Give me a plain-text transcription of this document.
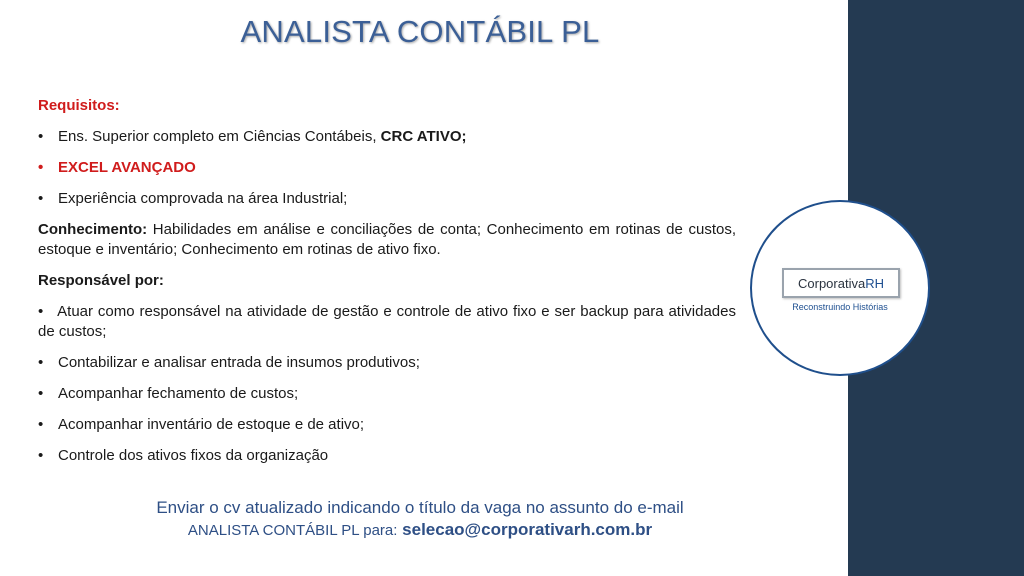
ANALISTA CONTÁBIL PL

Requisitos:

• Ens. Superior completo em Ciências Contábeis, CRC ATIVO;
• EXCEL AVANÇADO
• Experiência comprovada na área Industrial;

Conhecimento: Habilidades em análise e conciliações de conta; Conhecimento em rotinas de custos, estoque e inventário; Conhecimento em rotinas de ativo fixo.

Responsável por:

• Atuar como responsável na atividade de gestão e controle de ativo fixo e ser backup para atividades de custos;

• Contabilizar e analisar entrada de insumos produtivos;
• Acompanhar fechamento de custos;
• Acompanhar inventário de estoque e de ativo;
• Controle dos ativos fixos da organização
Corporativa RH
Reconstruindo Histórias
Enviar o cv atualizado indicando o título da vaga no assunto do e-mail
ANALISTA CONTÁBIL PL para: selecao@corporativarh.com.br
